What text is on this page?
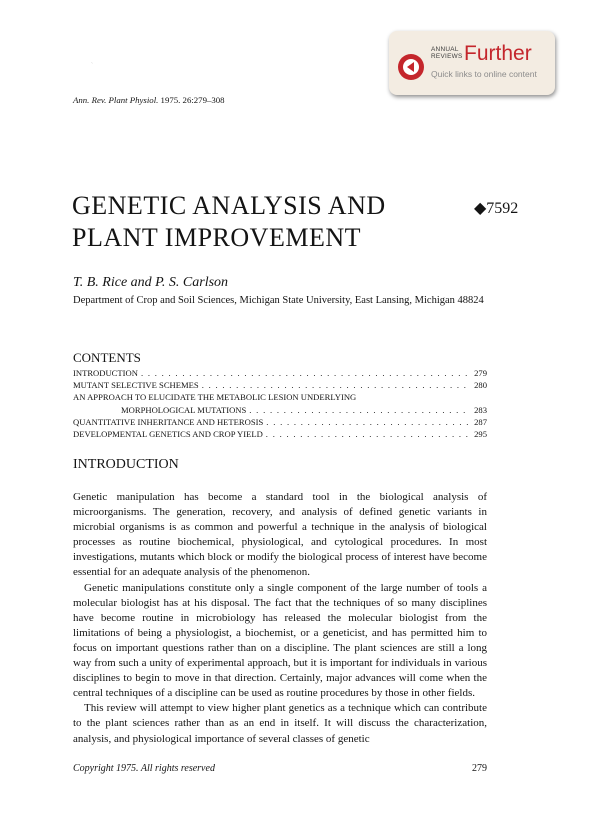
ANNUAL
REVIEWS Further
Quick links to online content
ˎ
Ann. Rev. Plant Physiol. 1975. 26:279–308
GENETIC ANALYSIS AND
PLANT IMPROVEMENT
◆7592
T. B. Rice and P. S. Carlson
Department of Crop and Soil Sciences, Michigan State University, East Lansing, Michigan 48824
CONTENTS
INTRODUCTION . . .	279
MUTANT SELECTIVE SCHEMES . . .	280
AN APPROACH TO ELUCIDATE THE METABOLIC LESION UNDERLYING
MORPHOLOGICAL MUTATIONS . . .	283
QUANTITATIVE INHERITANCE AND HETEROSIS . . .	287
DEVELOPMENTAL GENETICS AND CROP YIELD . . .	295
INTRODUCTION

Genetic manipulation has become a standard tool in the biological analysis of microorganisms. The generation, recovery, and analysis of defined genetic variants in microbial organisms is as common and powerful a technique in the analysis of biological processes as routine biochemical, physiological, and cytological procedures. In most investigations, mutants which block or modify the biological process of interest have become essential for an adequate analysis of the phenomenon.

Genetic manipulations constitute only a single component of the large number of tools a molecular biologist has at his disposal. The fact that the techniques of so many disciplines have become routine in microbiology has released the molecular biologist from the limitations of being a physiologist, a biochemist, or a geneticist, and has permitted him to focus on important questions rather than on a discipline. The plant sciences are still a long way from such a unity of experimental approach, but it is important for individuals in various disciplines to begin to move in that direction. Certainly, major advances will come when the central techniques of a discipline can be used as routine procedures by those in other fields.

This review will attempt to view higher plant genetics as a technique which can contribute to the plant sciences rather than as an end in itself. It will discuss the characterization, analysis, and physiological importance of several classes of genetic

Copyright 1975. All rights reserved	279
